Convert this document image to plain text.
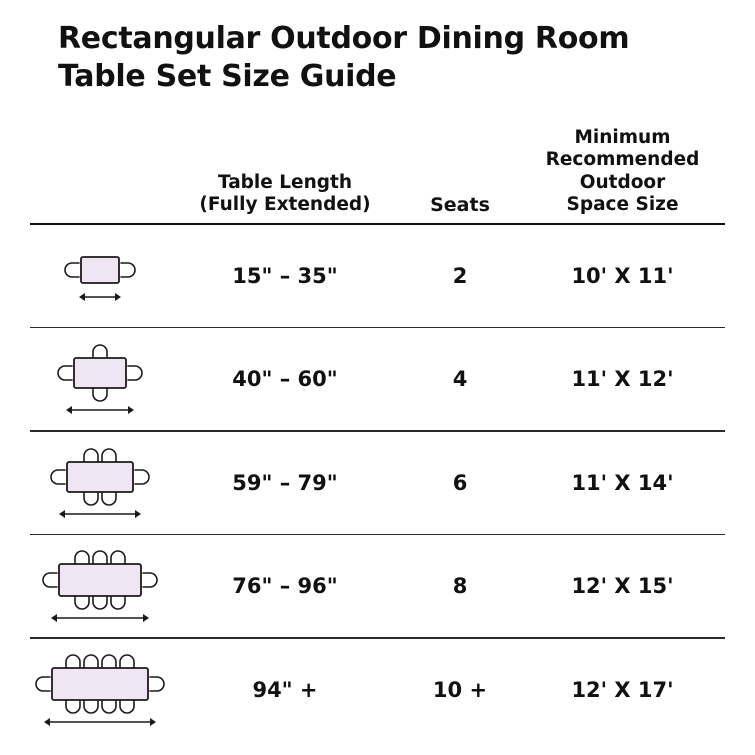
Rectangular Outdoor Dining Room Table Set Size Guide
Table Length
(Fully Extended)	Seats
Minimum
Recommended
Outdoor
Space Size
15" – 35"	2	10' X 11'
40" – 60"	4	11' X 12'
59" – 79"	6	11' X 14'
76" – 96"	8	12' X 15'
94" +	10 +	12' X 17'
